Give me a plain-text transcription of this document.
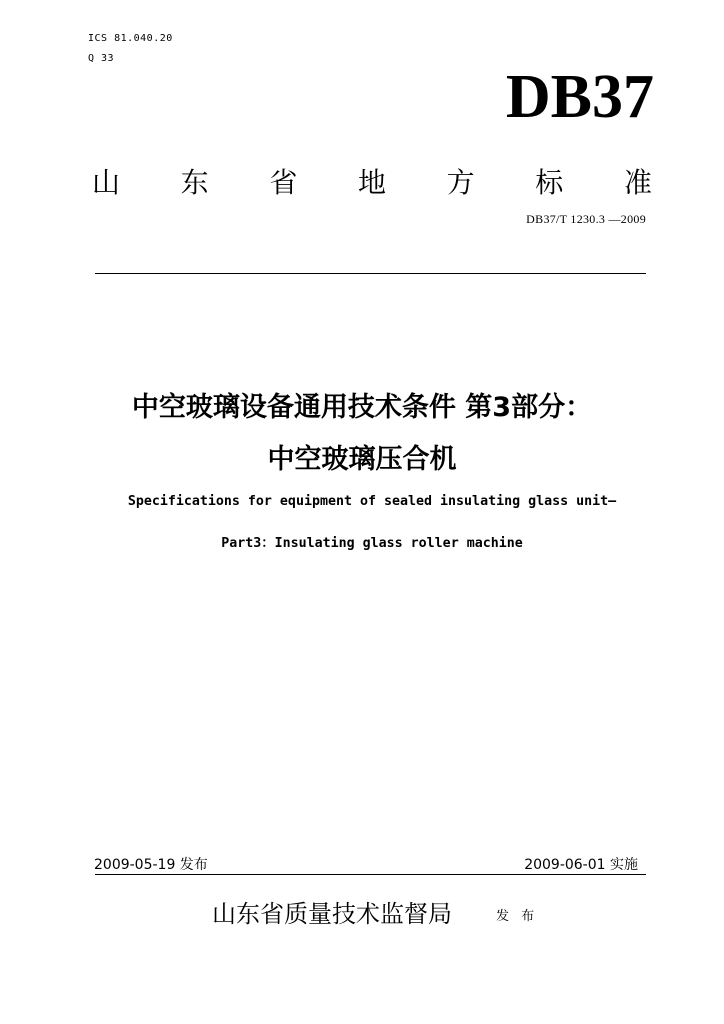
ICS 81.040.20
Q 33
DB37
山 东 省 地 方 标 准
DB37/T 1230.3 —2009
中空玻璃设备通用技术条件 第3部分：
中空玻璃压合机
Specifications for equipment of sealed insulating glass unit—
Part3：Insulating glass roller machine
2009-05-19 发布	2009-06-01 实施
山东省质量技术监督局	发 布
